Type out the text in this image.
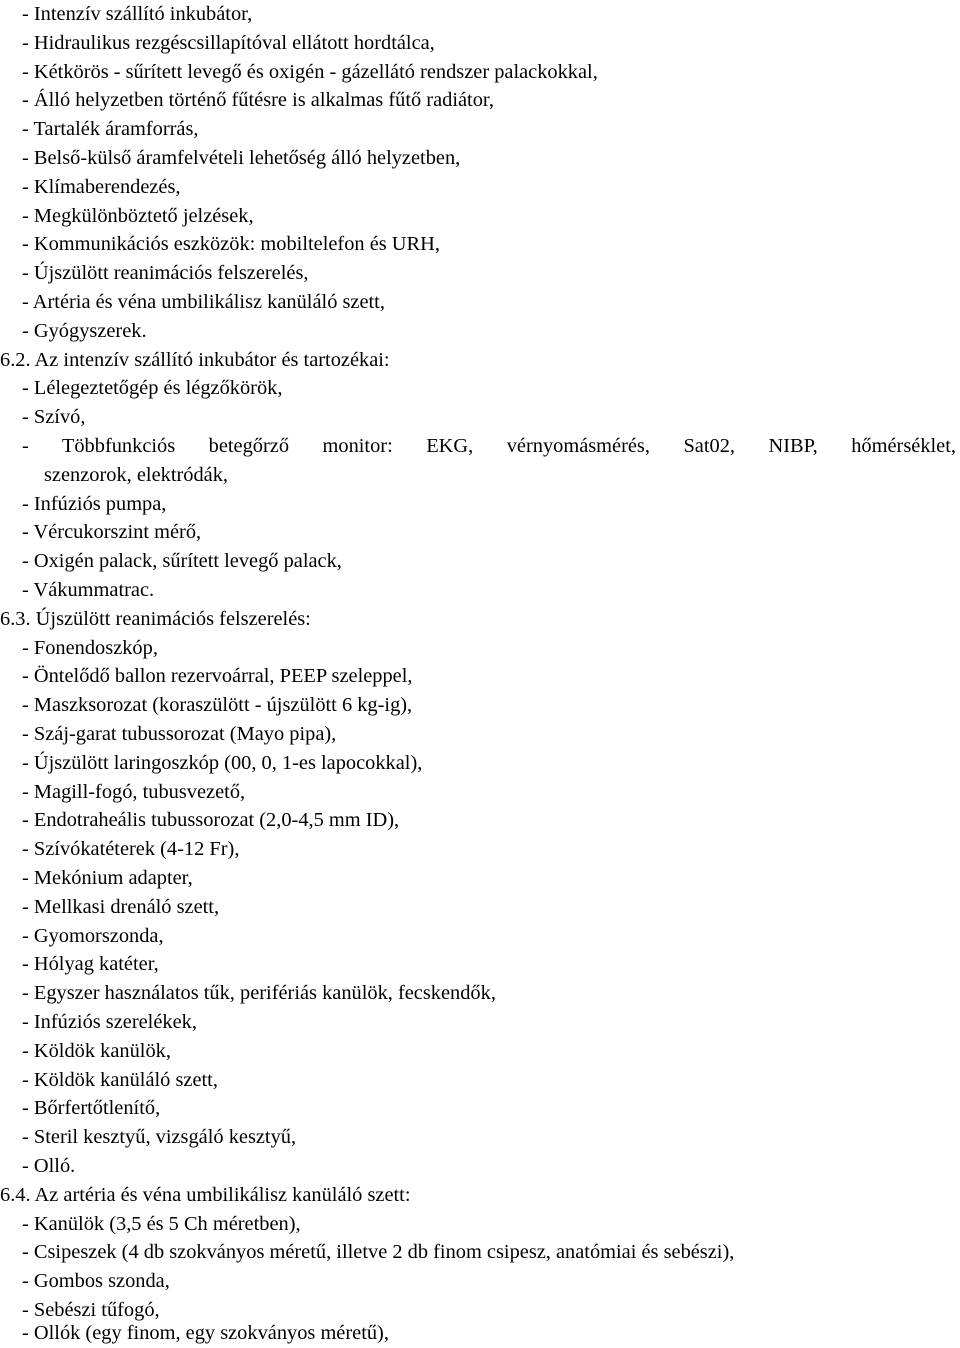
- Intenzív szállító inkubátor,
- Hidraulikus rezgéscsillapítóval ellátott hordtálca,
- Kétkörös - sűrített levegő és oxigén - gázellátó rendszer palackokkal,
- Álló helyzetben történő fűtésre is alkalmas fűtő radiátor,
- Tartalék áramforrás,
- Belső-külső áramfelvételi lehetőség álló helyzetben,
- Klímaberendezés,
- Megkülönböztető jelzések,
- Kommunikációs eszközök: mobiltelefon és URH,
- Újszülött reanimációs felszerelés,
- Artéria és véna umbilikálisz kanüláló szett,
- Gyógyszerek.
6.2. Az intenzív szállító inkubátor és tartozékai:
- Lélegeztetőgép és légzőkörök,
- Szívó,
- Többfunkciós betegőrző monitor: EKG, vérnyomásmérés, Sat02, NIBP, hőmérséklet,
szenzorok, elektródák,
- Infúziós pumpa,
- Vércukorszint mérő,
- Oxigén palack, sűrített levegő palack,
- Vákummatrac.
6.3. Újszülött reanimációs felszerelés:
- Fonendoszkóp,
- Öntelődő ballon rezervoárral, PEEP szeleppel,
- Maszksorozat (koraszülött - újszülött 6 kg-ig),
- Száj-garat tubussorozat (Mayo pipa),
- Újszülött laringoszkóp (00, 0, 1-es lapocokkal),
- Magill-fogó, tubusvezető,
- Endotraheális tubussorozat (2,0-4,5 mm ID),
- Szívókatéterek (4-12 Fr),
- Mekónium adapter,
- Mellkasi drenáló szett,
- Gyomorszonda,
- Hólyag katéter,
- Egyszer használatos tűk, perifériás kanülök, fecskendők,
- Infúziós szerelékek,
- Köldök kanülök,
- Köldök kanüláló szett,
- Bőrfertőtlenítő,
- Steril kesztyű, vizsgáló kesztyű,
- Olló.
6.4. Az artéria és véna umbilikálisz kanüláló szett:
- Kanülök (3,5 és 5 Ch méretben),
- Csipeszek (4 db szokványos méretű, illetve 2 db finom csipesz, anatómiai és sebészi),
- Gombos szonda,
- Sebészi tűfogó,
- Ollók (egy finom, egy szokványos méretű),
